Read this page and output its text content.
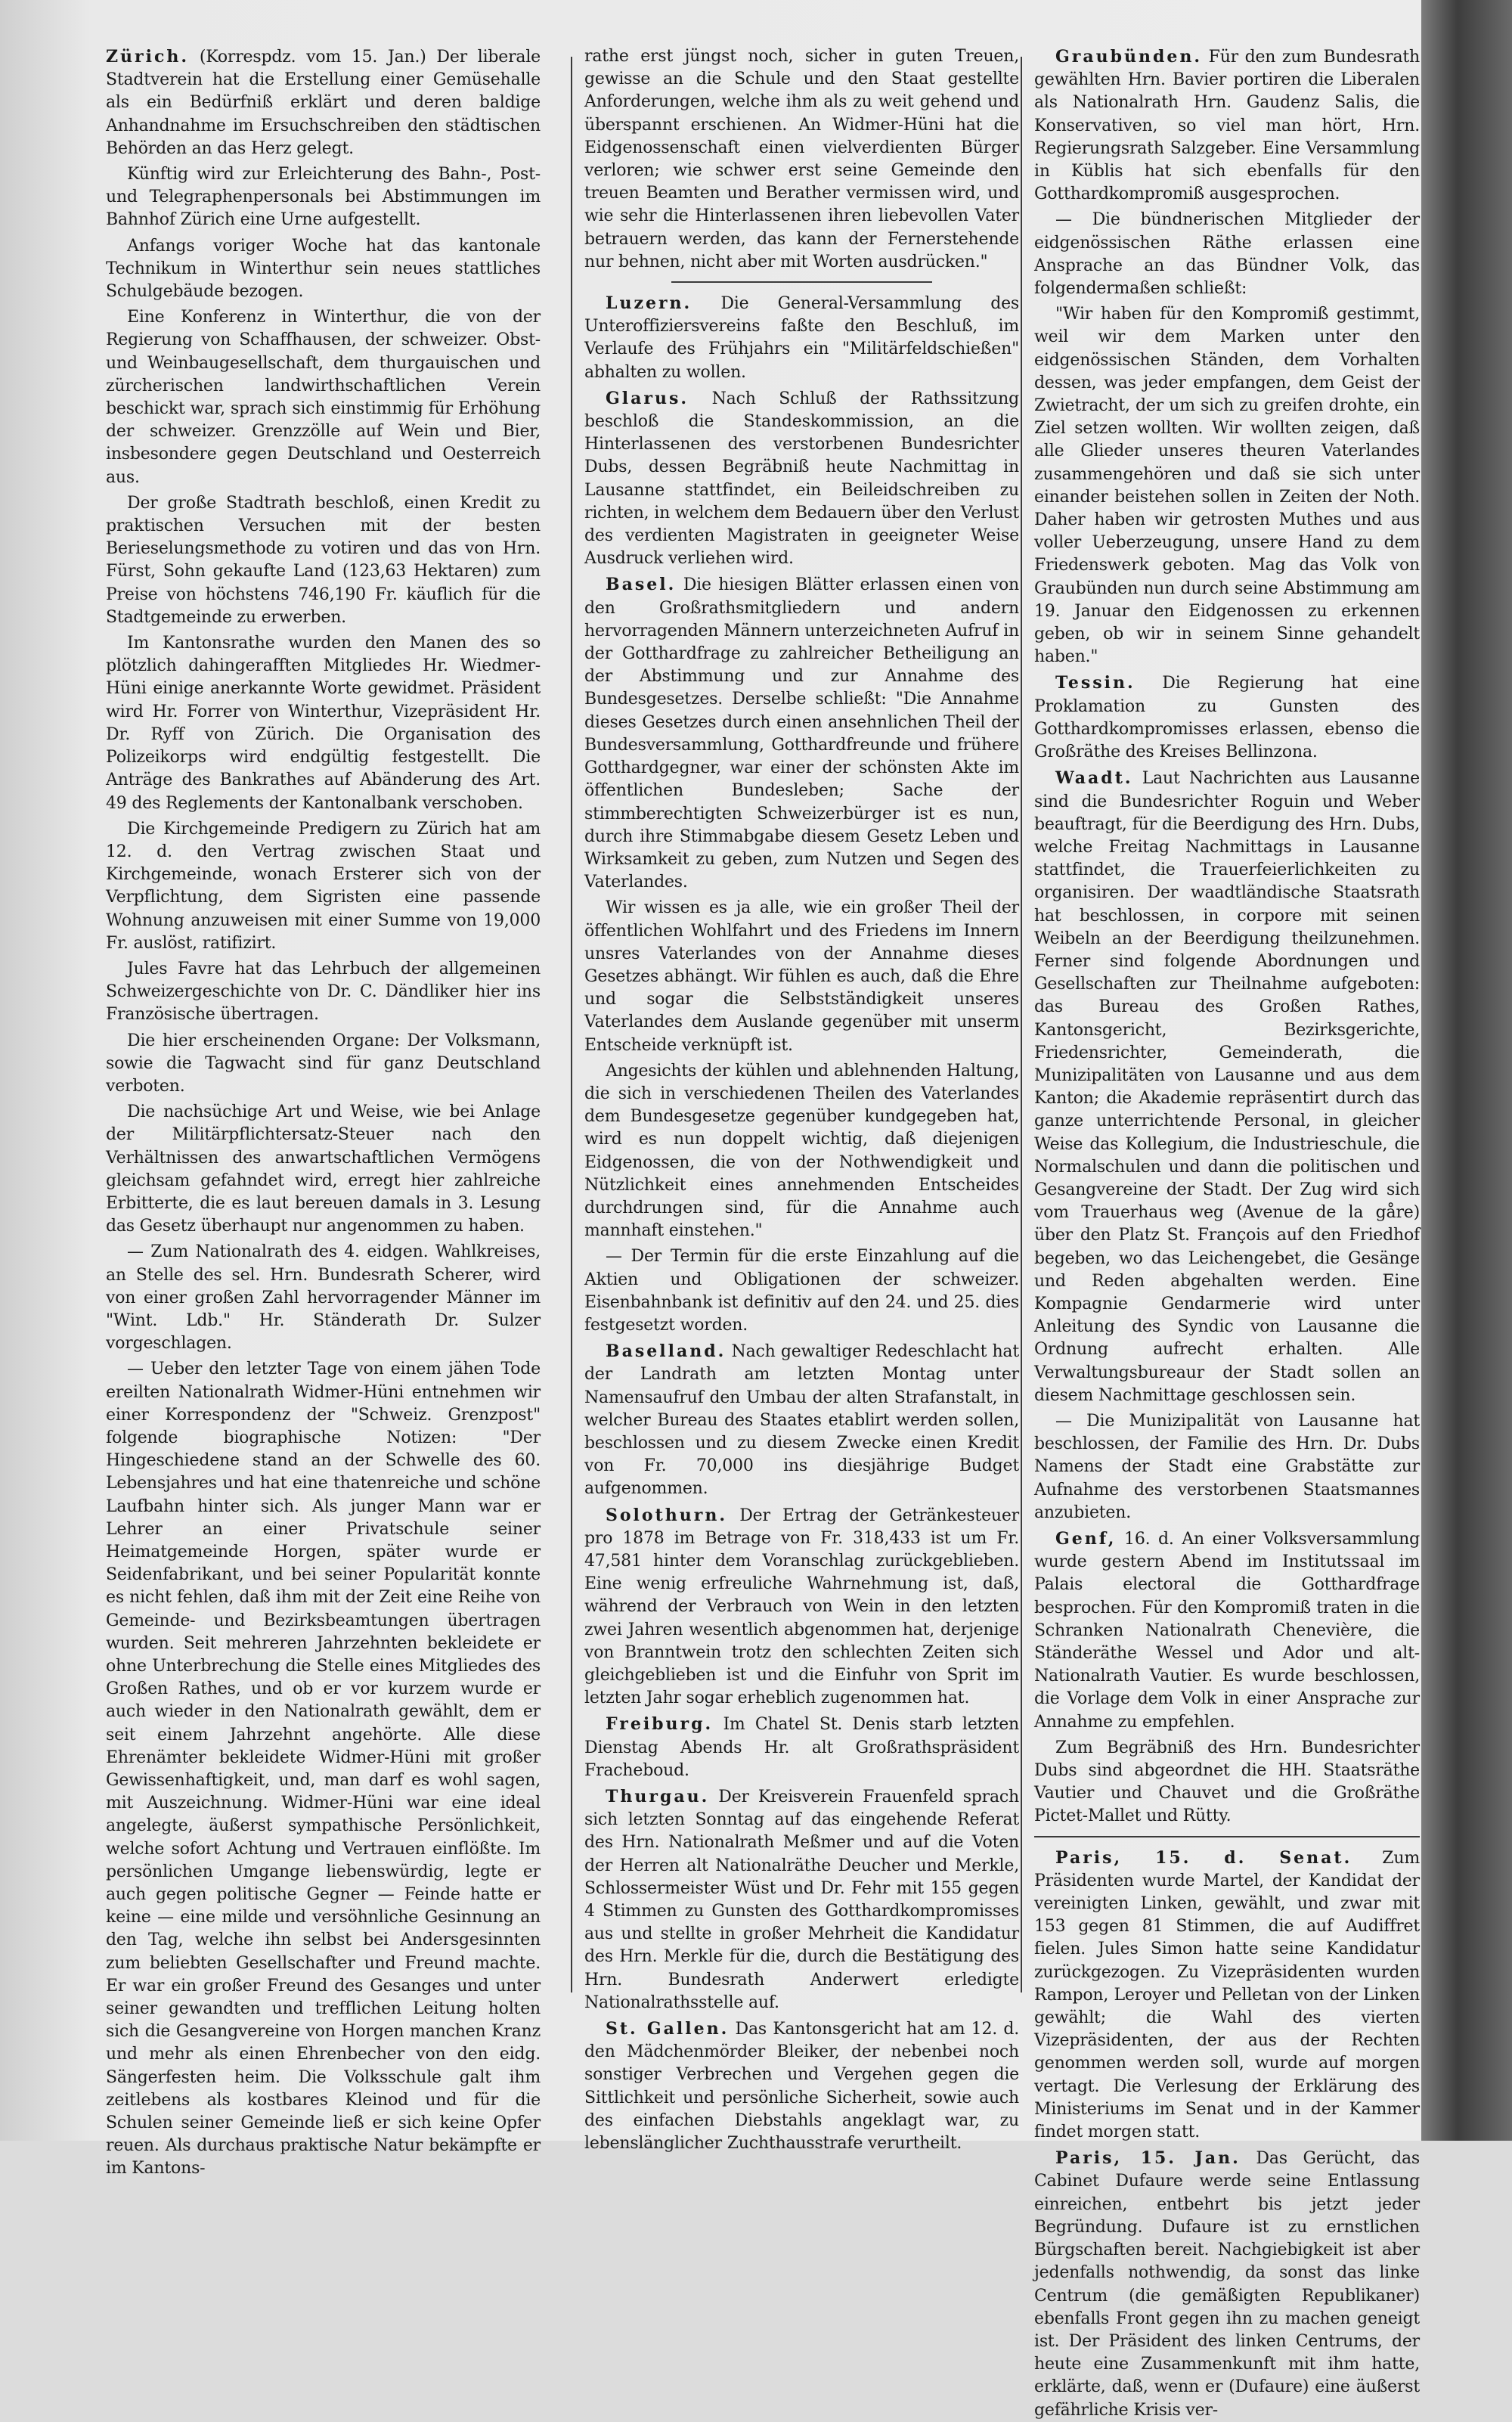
Zürich. (Korrespdz. vom 15. Jan.) Der liberale Stadtverein hat die Erstellung einer Gemüsehalle als ein Bedürfniß erklärt und deren baldige Anhandnahme im Ersuchschreiben den städtischen Behörden an das Herz gelegt.

Künftig wird zur Erleichterung des Bahn-, Post- und Telegraphenpersonals bei Abstimmungen im Bahnhof Zürich eine Urne aufgestellt.

Anfangs voriger Woche hat das kantonale Technikum in Winterthur sein neues stattliches Schulgebäude bezogen.

Eine Konferenz in Winterthur, die von der Regierung von Schaffhausen, der schweizer. Obst- und Weinbaugesellschaft, dem thurgauischen und zürcherischen landwirthschaftlichen Verein beschickt war, sprach sich einstimmig für Erhöhung der schweizer. Grenzzölle auf Wein und Bier, insbesondere gegen Deutschland und Oesterreich aus.

Der große Stadtrath beschloß, einen Kredit zu praktischen Versuchen mit der besten Berieselungsmethode zu votiren und das von Hrn. Fürst, Sohn gekaufte Land (123,63 Hektaren) zum Preise von höchstens 746,190 Fr. käuflich für die Stadtgemeinde zu erwerben.

Im Kantonsrathe wurden den Manen des so plötzlich dahingerafften Mitgliedes Hr. Wiedmer-Hüni einige anerkannte Worte gewidmet. Präsident wird Hr. Forrer von Winterthur, Vizepräsident Hr. Dr. Ryff von Zürich. Die Organisation des Polizeikorps wird endgültig festgestellt. Die Anträge des Bankrathes auf Abänderung des Art. 49 des Reglements der Kantonalbank verschoben.

Die Kirchgemeinde Predigern zu Zürich hat am 12. d. den Vertrag zwischen Staat und Kirchgemeinde, wonach Ersterer sich von der Verpflichtung, dem Sigristen eine passende Wohnung anzuweisen mit einer Summe von 19,000 Fr. auslöst, ratifizirt.

Jules Favre hat das Lehrbuch der allgemeinen Schweizergeschichte von Dr. C. Dändliker hier ins Französische übertragen.

Die hier erscheinenden Organe: Der Volksmann, sowie die Tagwacht sind für ganz Deutschland verboten.

Die nachsüchige Art und Weise, wie bei Anlage der Militärpflichtersatz-Steuer nach den Verhältnissen des anwartschaftlichen Vermögens gleichsam gefahndet wird, erregt hier zahlreiche Erbitterte, die es laut bereuen damals in 3. Lesung das Gesetz überhaupt nur angenommen zu haben.

— Zum Nationalrath des 4. eidgen. Wahlkreises, an Stelle des sel. Hrn. Bundesrath Scherer, wird von einer großen Zahl hervorragender Männer im "Wint. Ldb." Hr. Ständerath Dr. Sulzer vorgeschlagen.

— Ueber den letzter Tage von einem jähen Tode ereilten Nationalrath Widmer-Hüni entnehmen wir einer Korrespondenz der "Schweiz. Grenzpost" folgende biographische Notizen: "Der Hingeschiedene stand an der Schwelle des 60. Lebensjahres und hat eine thatenreiche und schöne Laufbahn hinter sich. Als junger Mann war er Lehrer an einer Privatschule seiner Heimatgemeinde Horgen, später wurde er Seidenfabrikant, und bei seiner Popularität konnte es nicht fehlen, daß ihm mit der Zeit eine Reihe von Gemeinde- und Bezirksbeamtungen übertragen wurden. Seit mehreren Jahrzehnten bekleidete er ohne Unterbrechung die Stelle eines Mitgliedes des Großen Rathes, und ob er vor kurzem wurde er auch wieder in den Nationalrath gewählt, dem er seit einem Jahrzehnt angehörte. Alle diese Ehrenämter bekleidete Widmer-Hüni mit großer Gewissenhaftigkeit, und, man darf es wohl sagen, mit Auszeichnung. Widmer-Hüni war eine ideal angelegte, äußerst sympathische Persönlichkeit, welche sofort Achtung und Vertrauen einflößte. Im persönlichen Umgange liebenswürdig, legte er auch gegen politische Gegner — Feinde hatte er keine — eine milde und versöhnliche Gesinnung an den Tag, welche ihn selbst bei Andersgesinnten zum beliebten Gesellschafter und Freund machte. Er war ein großer Freund des Gesanges und unter seiner gewandten und trefflichen Leitung holten sich die Gesangvereine von Horgen manchen Kranz und mehr als einen Ehrenbecher von den eidg. Sängerfesten heim. Die Volksschule galt ihm zeitlebens als kostbares Kleinod und für die Schulen seiner Gemeinde ließ er sich keine Opfer reuen. Als durchaus praktische Natur bekämpfte er im Kantons-

rathe erst jüngst noch, sicher in guten Treuen, gewisse an die Schule und den Staat gestellte Anforderungen, welche ihm als zu weit gehend und überspannt erschienen. An Widmer-Hüni hat die Eidgenossenschaft einen vielverdienten Bürger verloren; wie schwer erst seine Gemeinde den treuen Beamten und Berather vermissen wird, und wie sehr die Hinterlassenen ihren liebevollen Vater betrauern werden, das kann der Fernerstehende nur behnen, nicht aber mit Worten ausdrücken."

Luzern. Die General-Versammlung des Unteroffiziersvereins faßte den Beschluß, im Verlaufe des Frühjahrs ein "Militärfeldschießen" abhalten zu wollen.

Glarus. Nach Schluß der Rathssitzung beschloß die Standeskommission, an die Hinterlassenen des verstorbenen Bundesrichter Dubs, dessen Begräbniß heute Nachmittag in Lausanne stattfindet, ein Beileidschreiben zu richten, in welchem dem Bedauern über den Verlust des verdienten Magistraten in geeigneter Weise Ausdruck verliehen wird.

Basel. Die hiesigen Blätter erlassen einen von den Großrathsmitgliedern und andern hervorragenden Männern unterzeichneten Aufruf in der Gotthardfrage zu zahlreicher Betheiligung an der Abstimmung und zur Annahme des Bundesgesetzes. Derselbe schließt: "Die Annahme dieses Gesetzes durch einen ansehnlichen Theil der Bundesversammlung, Gotthardfreunde und frühere Gotthardgegner, war einer der schönsten Akte im öffentlichen Bundesleben; Sache der stimmberechtigten Schweizerbürger ist es nun, durch ihre Stimmabgabe diesem Gesetz Leben und Wirksamkeit zu geben, zum Nutzen und Segen des Vaterlandes.

Wir wissen es ja alle, wie ein großer Theil der öffentlichen Wohlfahrt und des Friedens im Innern unsres Vaterlandes von der Annahme dieses Gesetzes abhängt. Wir fühlen es auch, daß die Ehre und sogar die Selbstständigkeit unseres Vaterlandes dem Auslande gegenüber mit unserm Entscheide verknüpft ist.

Angesichts der kühlen und ablehnenden Haltung, die sich in verschiedenen Theilen des Vaterlandes dem Bundesgesetze gegenüber kundgegeben hat, wird es nun doppelt wichtig, daß diejenigen Eidgenossen, die von der Nothwendigkeit und Nützlichkeit eines annehmenden Entscheides durchdrungen sind, für die Annahme auch mannhaft einstehen."

— Der Termin für die erste Einzahlung auf die Aktien und Obligationen der schweizer. Eisenbahnbank ist definitiv auf den 24. und 25. dies festgesetzt worden.

Baselland. Nach gewaltiger Redeschlacht hat der Landrath am letzten Montag unter Namensaufruf den Umbau der alten Strafanstalt, in welcher Bureau des Staates etablirt werden sollen, beschlossen und zu diesem Zwecke einen Kredit von Fr. 70,000 ins diesjährige Budget aufgenommen.

Solothurn. Der Ertrag der Getränkesteuer pro 1878 im Betrage von Fr. 318,433 ist um Fr. 47,581 hinter dem Voranschlag zurückgeblieben. Eine wenig erfreuliche Wahrnehmung ist, daß, während der Verbrauch von Wein in den letzten zwei Jahren wesentlich abgenommen hat, derjenige von Branntwein trotz den schlechten Zeiten sich gleichgeblieben ist und die Einfuhr von Sprit im letzten Jahr sogar erheblich zugenommen hat.

Freiburg. Im Chatel St. Denis starb letzten Dienstag Abends Hr. alt Großrathspräsident Fracheboud.

Thurgau. Der Kreisverein Frauenfeld sprach sich letzten Sonntag auf das eingehende Referat des Hrn. Nationalrath Meßmer und auf die Voten der Herren alt Nationalräthe Deucher und Merkle, Schlossermeister Wüst und Dr. Fehr mit 155 gegen 4 Stimmen zu Gunsten des Gotthardkompromisses aus und stellte in großer Mehrheit die Kandidatur des Hrn. Merkle für die, durch die Bestätigung des Hrn. Bundesrath Anderwert erledigte Nationalrathsstelle auf.

St. Gallen. Das Kantonsgericht hat am 12. d. den Mädchenmörder Bleiker, der nebenbei noch sonstiger Verbrechen und Vergehen gegen die Sittlichkeit und persönliche Sicherheit, sowie auch des einfachen Diebstahls angeklagt war, zu lebenslänglicher Zuchthausstrafe verurtheilt.

Graubünden. Für den zum Bundesrath gewählten Hrn. Bavier portiren die Liberalen als Nationalrath Hrn. Gaudenz Salis, die Konservativen, so viel man hört, Hrn. Regierungsrath Salzgeber. Eine Versammlung in Küblis hat sich ebenfalls für den Gotthardkompromiß ausgesprochen.

— Die bündnerischen Mitglieder der eidgenössischen Räthe erlassen eine Ansprache an das Bündner Volk, das folgendermaßen schließt:

"Wir haben für den Kompromiß gestimmt, weil wir dem Marken unter den eidgenössischen Ständen, dem Vorhalten dessen, was jeder empfangen, dem Geist der Zwietracht, der um sich zu greifen drohte, ein Ziel setzen wollten. Wir wollten zeigen, daß alle Glieder unseres theuren Vaterlandes zusammengehören und daß sie sich unter einander beistehen sollen in Zeiten der Noth. Daher haben wir getrosten Muthes und aus voller Ueberzeugung, unsere Hand zu dem Friedenswerk geboten. Mag das Volk von Graubünden nun durch seine Abstimmung am 19. Januar den Eidgenossen zu erkennen geben, ob wir in seinem Sinne gehandelt haben."

Tessin. Die Regierung hat eine Proklamation zu Gunsten des Gotthardkompromisses erlassen, ebenso die Großräthe des Kreises Bellinzona.

Waadt. Laut Nachrichten aus Lausanne sind die Bundesrichter Roguin und Weber beauftragt, für die Beerdigung des Hrn. Dubs, welche Freitag Nachmittags in Lausanne stattfindet, die Trauerfeierlichkeiten zu organisiren. Der waadtländische Staatsrath hat beschlossen, in corpore mit seinen Weibeln an der Beerdigung theilzunehmen. Ferner sind folgende Abordnungen und Gesellschaften zur Theilnahme aufgeboten: das Bureau des Großen Rathes, Kantonsgericht, Bezirksgerichte, Friedensrichter, Gemeinderath, die Munizipalitäten von Lausanne und aus dem Kanton; die Akademie repräsentirt durch das ganze unterrichtende Personal, in gleicher Weise das Kollegium, die Industrieschule, die Normalschulen und dann die politischen und Gesangvereine der Stadt. Der Zug wird sich vom Trauerhaus weg (Avenue de la gåre) über den Platz St. François auf den Friedhof begeben, wo das Leichengebet, die Gesänge und Reden abgehalten werden. Eine Kompagnie Gendarmerie wird unter Anleitung des Syndic von Lausanne die Ordnung aufrecht erhalten. Alle Verwaltungsbureaur der Stadt sollen an diesem Nachmittage geschlossen sein.

— Die Munizipalität von Lausanne hat beschlossen, der Familie des Hrn. Dr. Dubs Namens der Stadt eine Grabstätte zur Aufnahme des verstorbenen Staatsmannes anzubieten.

Genf, 16. d. An einer Volksversammlung wurde gestern Abend im Institutssaal im Palais electoral die Gotthardfrage besprochen. Für den Kompromiß traten in die Schranken Nationalrath Chenevière, die Ständeräthe Wessel und Ador und alt-Nationalrath Vautier. Es wurde beschlossen, die Vorlage dem Volk in einer Ansprache zur Annahme zu empfehlen.

Zum Begräbniß des Hrn. Bundesrichter Dubs sind abgeordnet die HH. Staatsräthe Vautier und Chauvet und die Großräthe Pictet-Mallet und Rütty.

Paris, 15. d. Senat. Zum Präsidenten wurde Martel, der Kandidat der vereinigten Linken, gewählt, und zwar mit 153 gegen 81 Stimmen, die auf Audiffret fielen. Jules Simon hatte seine Kandidatur zurückgezogen. Zu Vizepräsidenten wurden Rampon, Leroyer und Pelletan von der Linken gewählt; die Wahl des vierten Vizepräsidenten, der aus der Rechten genommen werden soll, wurde auf morgen vertagt. Die Verlesung der Erklärung des Ministeriums im Senat und in der Kammer findet morgen statt.

Paris, 15. Jan. Das Gerücht, das Cabinet Dufaure werde seine Entlassung einreichen, entbehrt bis jetzt jeder Begründung. Dufaure ist zu ernstlichen Bürgschaften bereit. Nachgiebigkeit ist aber jedenfalls nothwendig, da sonst das linke Centrum (die gemäßigten Republikaner) ebenfalls Front gegen ihn zu machen geneigt ist. Der Präsident des linken Centrums, der heute eine Zusammenkunft mit ihm hatte, erklärte, daß, wenn er (Dufaure) eine äußerst gefährliche Krisis ver-
